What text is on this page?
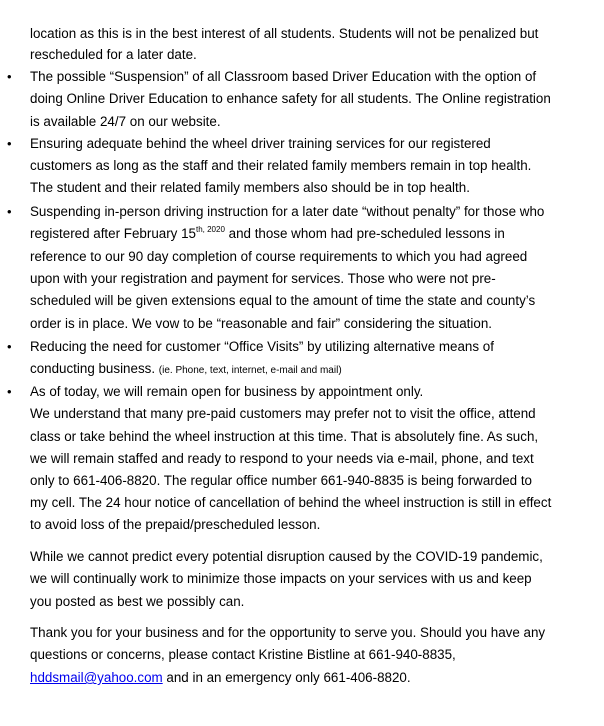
location as this is in the best interest of all students. Students will not be penalized but
rescheduled for a later date.
• The possible “Suspension” of all Classroom based Driver Education with the option of
doing Online Driver Education to enhance safety for all students. The Online registration
is available 24/7 on our website.
• Ensuring adequate behind the wheel driver training services for our registered
customers as long as the staff and their related family members remain in top health.
The student and their related family members also should be in top health.
• Suspending in-person driving instruction for a later date “without penalty” for those who
registered after February $15^{th, 2020}$ and those whom had pre-scheduled lessons in
reference to our 90 day completion of course requirements to which you had agreed
upon with your registration and payment for services. Those who were not pre-
scheduled will be given extensions equal to the amount of time the state and county’s
order is in place. We vow to be “reasonable and fair” considering the situation.
• Reducing the need for customer “Office Visits” by utilizing alternative means of
conducting business. (ie. Phone, text, internet, e-mail and mail)
• As of today, we will remain open for business by appointment only.
We understand that many pre-paid customers may prefer not to visit the office, attend
class or take behind the wheel instruction at this time. That is absolutely fine. As such,
we will remain staffed and ready to respond to your needs via e-mail, phone, and text
only to 661-406-8820. The regular office number 661-940-8835 is being forwarded to
my cell. The 24 hour notice of cancellation of behind the wheel instruction is still in effect
to avoid loss of the prepaid/prescheduled lesson.
While we cannot predict every potential disruption caused by the COVID-19 pandemic,
we will continually work to minimize those impacts on your services with us and keep
you posted as best we possibly can.
Thank you for your business and for the opportunity to serve you. Should you have any
questions or concerns, please contact Kristine Bistline at 661-940-8835,
hddsmail@yahoo.com and in an emergency only 661-406-8820.
